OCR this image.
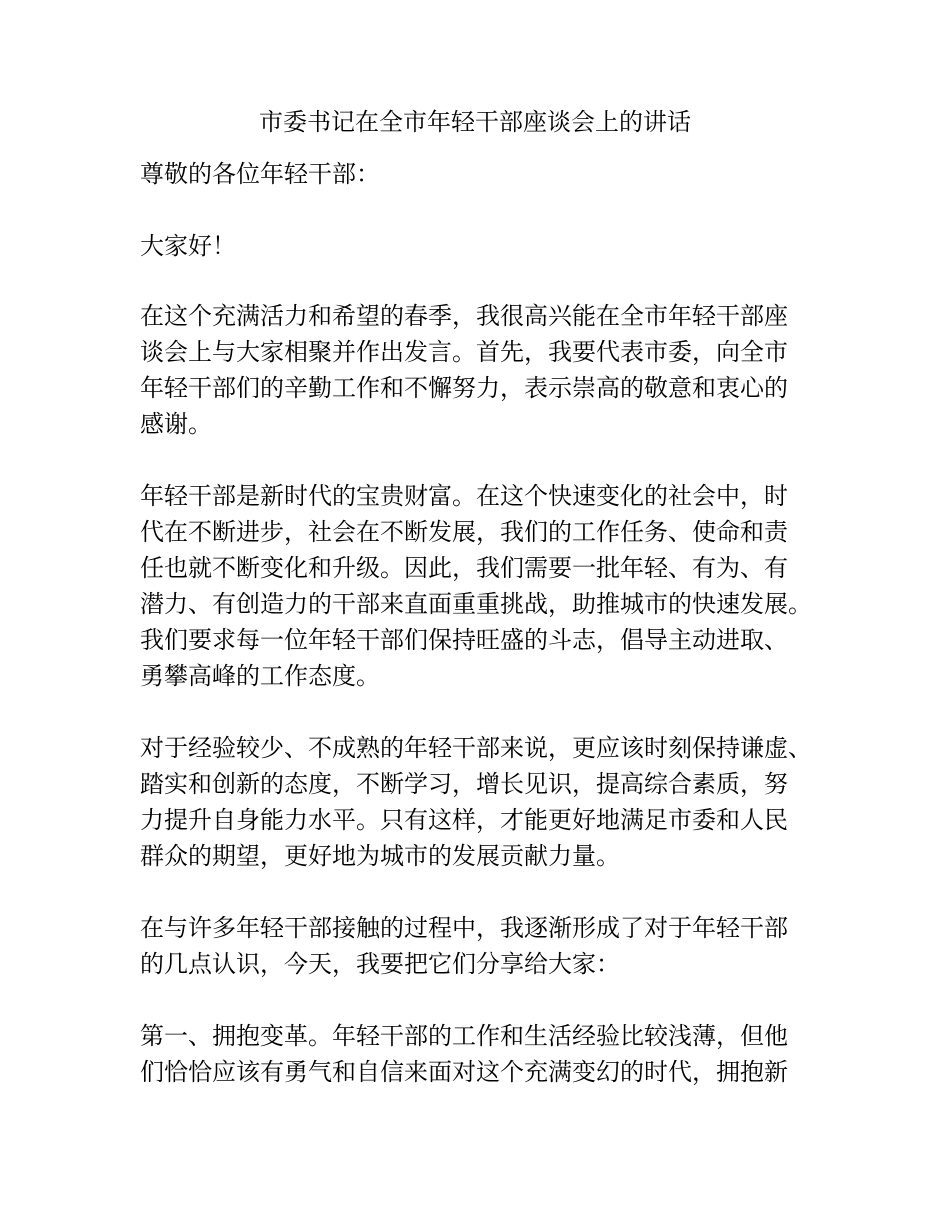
市委书记在全市年轻干部座谈会上的讲话
尊敬的各位年轻干部：
大家好！
在这个充满活力和希望的春季，我很高兴能在全市年轻干部座
谈会上与大家相聚并作出发言。首先，我要代表市委，向全市
年轻干部们的辛勤工作和不懈努力，表示崇高的敬意和衷心的
感谢。
年轻干部是新时代的宝贵财富。在这个快速变化的社会中，时
代在不断进步，社会在不断发展，我们的工作任务、使命和责
任也就不断变化和升级。因此，我们需要一批年轻、有为、有
潜力、有创造力的干部来直面重重挑战，助推城市的快速发展。
我们要求每一位年轻干部们保持旺盛的斗志，倡导主动进取、
勇攀高峰的工作态度。
对于经验较少、不成熟的年轻干部来说，更应该时刻保持谦虚、
踏实和创新的态度，不断学习，增长见识，提高综合素质，努
力提升自身能力水平。只有这样，才能更好地满足市委和人民
群众的期望，更好地为城市的发展贡献力量。
在与许多年轻干部接触的过程中，我逐渐形成了对于年轻干部
的几点认识，今天，我要把它们分享给大家：
第一、拥抱变革。年轻干部的工作和生活经验比较浅薄，但他
们恰恰应该有勇气和自信来面对这个充满变幻的时代，拥抱新
